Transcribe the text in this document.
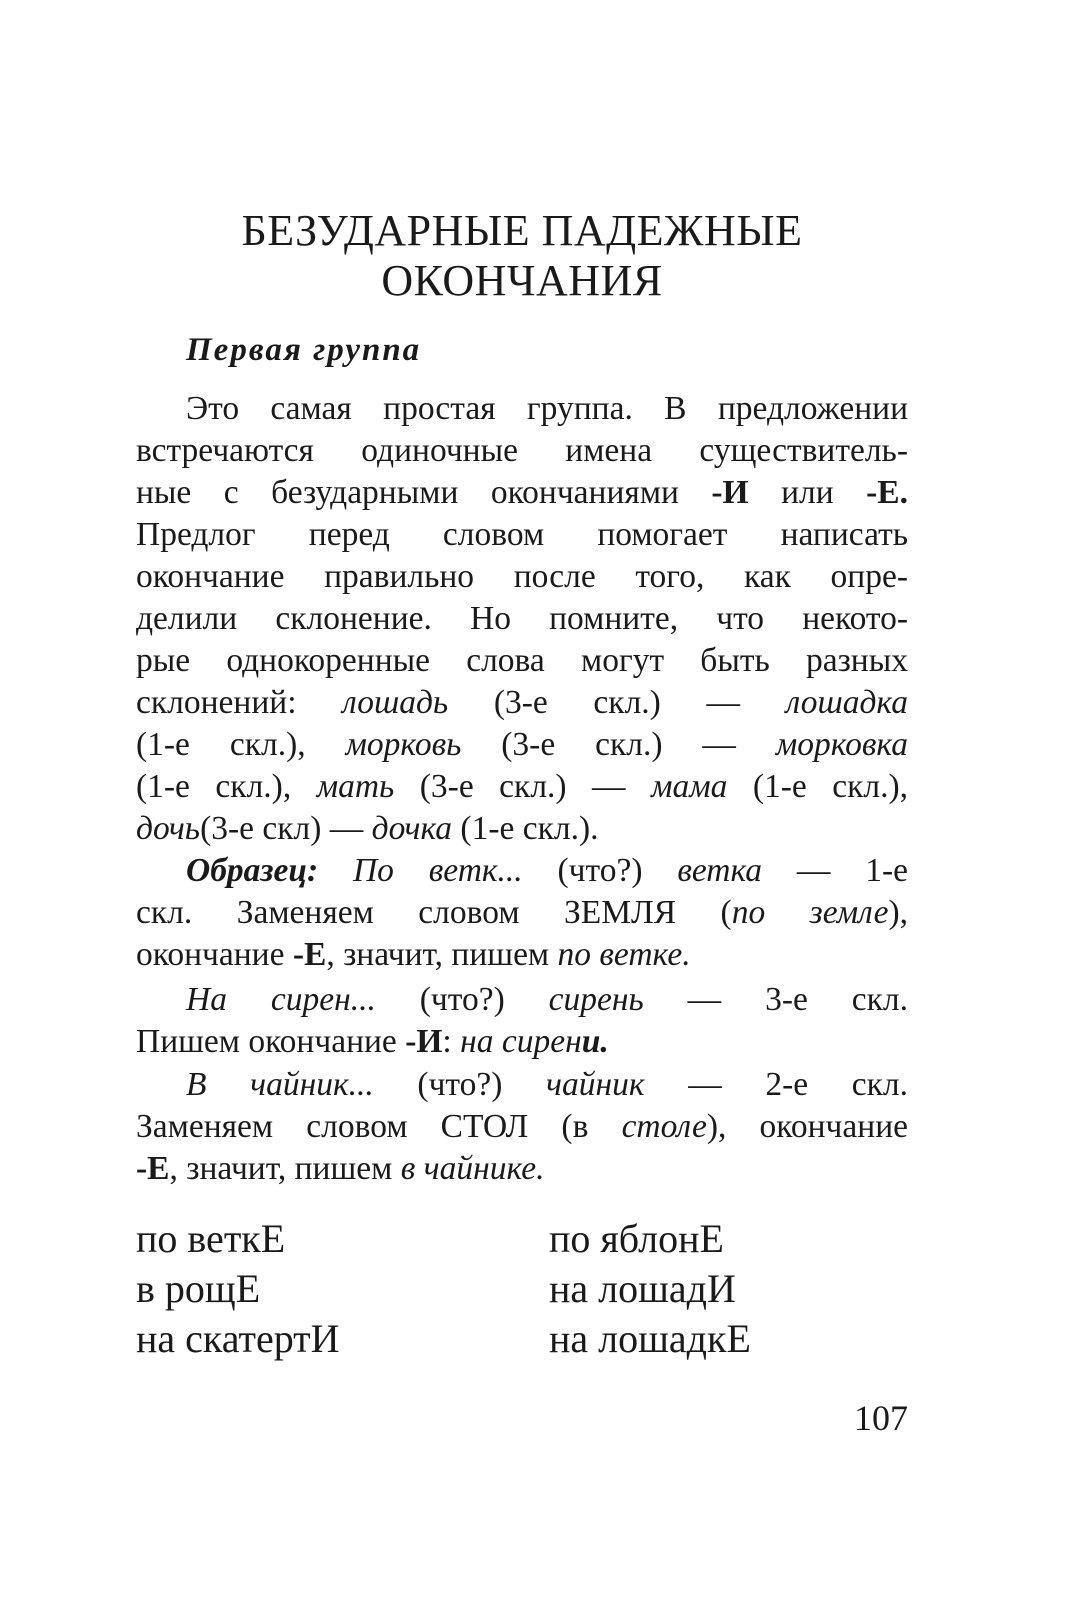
БЕЗУДАРНЫЕ ПАДЕЖНЫЕ
ОКОНЧАНИЯ
Первая группа
Это самая простая группа. В предложении
встречаются одиночные имена существитель-
ные с безударными окончаниями -И или -Е.
Предлог перед словом помогает написать
окончание правильно после того, как опре-
делили склонение. Но помните, что некото-
рые однокоренные слова могут быть разных
склонений: лошадь (3-е скл.) — лошадка
(1-е скл.), морковь (3-е скл.) — морковка
(1-е скл.), мать (3-е скл.) — мама (1-е скл.),
дочь(3-е скл) — дочка (1-е скл.).
Образец: По ветк... (что?) ветка — 1-е
скл. Заменяем словом ЗЕМЛЯ (по земле),
окончание -Е, значит, пишем по ветке.
На сирен... (что?) сирень — 3-е скл.
Пишем окончание -И: на сирени.
В чайник... (что?) чайник — 2-е скл.
Заменяем словом СТОЛ (в столе), окончание
-Е, значит, пишем в чайнике.
по веткЕ
в рощЕ
на скатертИ
по яблонЕ
на лошадИ
на лошадкЕ
107
